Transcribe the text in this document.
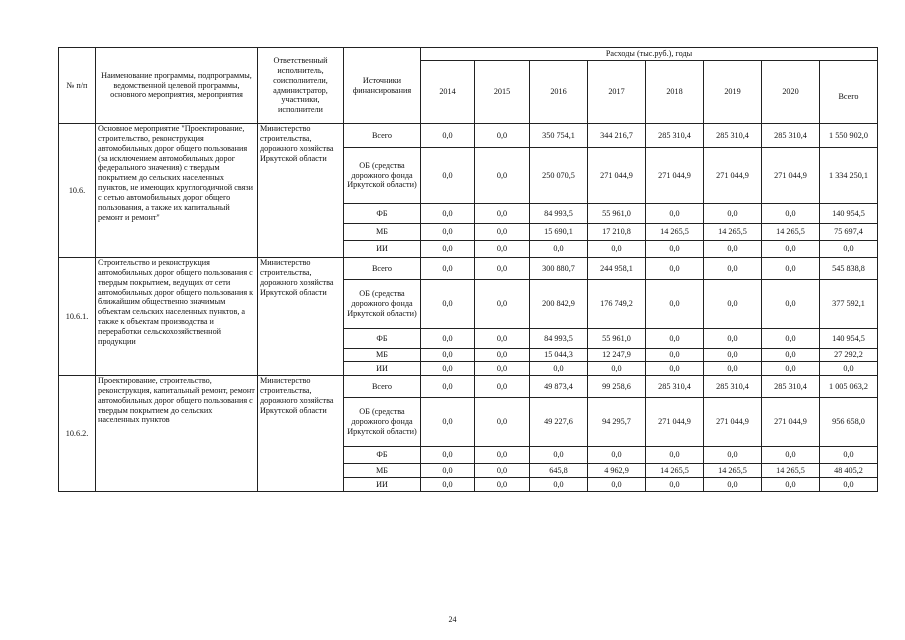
№ п/п	Наименование программы, подпрограммы, ведомственной целевой программы, основного мероприятия, мероприятия	Ответственный исполнитель, соисполнители, администратор, участники, исполнители	Источники финансирования	Расходы (тыс.руб.), годы							
				2014	2015	2016	2017	2018	2019	2020	Всего
10.6.	Основное мероприятие "Проектирование, строительство, реконструкция автомобильных дорог общего пользования (за исключением автомобильных дорог федерального значения) с твердым покрытием до сельских населенных пунктов, не имеющих круглогодичной связи с сетью автомобильных дорог общего пользования, а также их капитальный ремонт и ремонт"	Министерство строительства, дорожного хозяйства Иркутской области	Всего	0,0	0,0	350 754,1	344 216,7	285 310,4	285 310,4	285 310,4	1 550 902,0
			ОБ (средства дорожного фонда Иркутской области)	0,0	0,0	250 070,5	271 044,9	271 044,9	271 044,9	271 044,9	1 334 250,1
			ФБ	0,0	0,0	84 993,5	55 961,0	0,0	0,0	0,0	140 954,5
			МБ	0,0	0,0	15 690,1	17 210,8	14 265,5	14 265,5	14 265,5	75 697,4
			ИИ	0,0	0,0	0,0	0,0	0,0	0,0	0,0	0,0
10.6.1.	Строительство и реконструкция автомобильных дорог общего пользования с твердым покрытием, ведущих от сети автомобильных дорог общего пользования к ближайшим общественно значимым объектам сельских населенных пунктов, а также к объектам производства и переработки сельскохозяйственной продукции	Министерство строительства, дорожного хозяйства Иркутской области	Всего	0,0	0,0	300 880,7	244 958,1	0,0	0,0	0,0	545 838,8
			ОБ (средства дорожного фонда Иркутской области)	0,0	0,0	200 842,9	176 749,2	0,0	0,0	0,0	377 592,1
			ФБ	0,0	0,0	84 993,5	55 961,0	0,0	0,0	0,0	140 954,5
			МБ	0,0	0,0	15 044,3	12 247,9	0,0	0,0	0,0	27 292,2
			ИИ	0,0	0,0	0,0	0,0	0,0	0,0	0,0	0,0
10.6.2.	Проектирование, строительство, реконструкция, капитальный ремонт, ремонт автомобильных дорог общего пользования с твердым покрытием до сельских населенных пунктов	Министерство строительства, дорожного хозяйства Иркутской области	Всего	0,0	0,0	49 873,4	99 258,6	285 310,4	285 310,4	285 310,4	1 005 063,2
			ОБ (средства дорожного фонда Иркутской области)	0,0	0,0	49 227,6	94 295,7	271 044,9	271 044,9	271 044,9	956 658,0
			ФБ	0,0	0,0	0,0	0,0	0,0	0,0	0,0	0,0
			МБ	0,0	0,0	645,8	4 962,9	14 265,5	14 265,5	14 265,5	48 405,2
			ИИ	0,0	0,0	0,0	0,0	0,0	0,0	0,0	0,0
24
